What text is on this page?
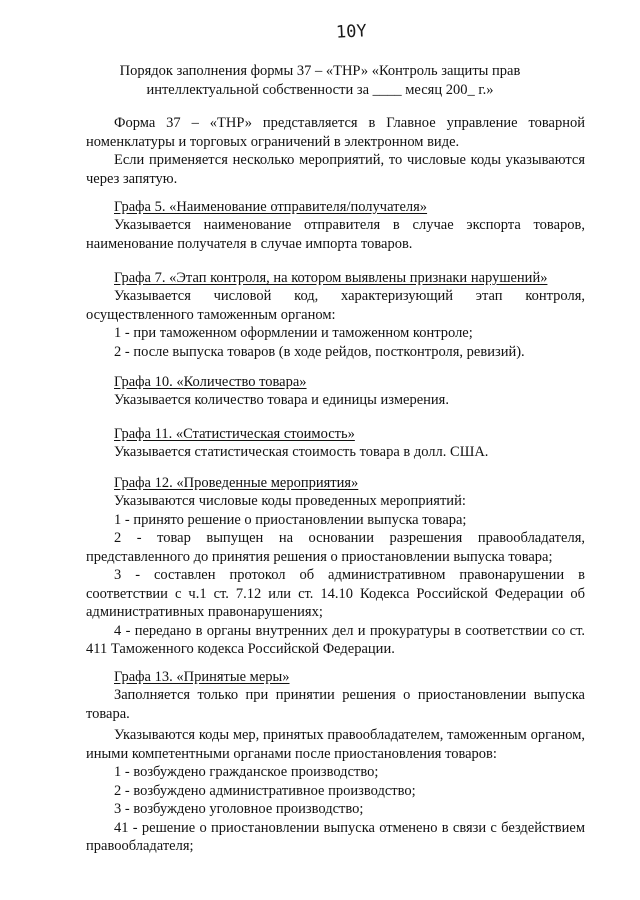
10Y
Порядок заполнения формы 37 – «ТНР» «Контроль защиты прав
интеллектуальной собственности за ____ месяц 200_ г.»

Форма 37 – «ТНР» представляется в Главное управление товарной номенклатуры и торговых ограничений в электронном виде.

Если применяется несколько мероприятий, то числовые коды указываются через запятую.

Графа 5. «Наименование отправителя/получателя»

Указывается наименование отправителя в случае экспорта товаров, наименование получателя в случае импорта товаров.

Графа 7. «Этап контроля, на котором выявлены признаки нарушений»

Указывается числовой код, характеризующий этап контроля, осуществленного таможенным органом:

1 - при таможенном оформлении и таможенном контроле;

2 - после выпуска товаров (в ходе рейдов, постконтроля, ревизий).

Графа 10. «Количество товара»

Указывается количество товара и единицы измерения.

Графа 11. «Статистическая стоимость»

Указывается статистическая стоимость товара в долл. США.

Графа 12. «Проведенные мероприятия»

Указываются числовые коды проведенных мероприятий:

1 - принято решение о приостановлении выпуска товара;

2 - товар выпущен на основании разрешения правообладателя, представленного до принятия решения о приостановлении выпуска товара;

3 - составлен протокол об административном правонарушении в соответствии с ч.1 ст. 7.12 или ст. 14.10 Кодекса Российской Федерации об административных правонарушениях;

4 - передано в органы внутренних дел и прокуратуры в соответствии со ст. 411 Таможенного кодекса Российской Федерации.

Графа 13. «Принятые меры»

Заполняется только при принятии решения о приостановлении выпуска товара.

Указываются коды мер, принятых правообладателем, таможенным органом, иными компетентными органами после приостановления товаров:

1 - возбуждено гражданское производство;

2 - возбуждено административное производство;

3 - возбуждено уголовное производство;

41 - решение о приостановлении выпуска отменено в связи с бездействием правообладателя;
